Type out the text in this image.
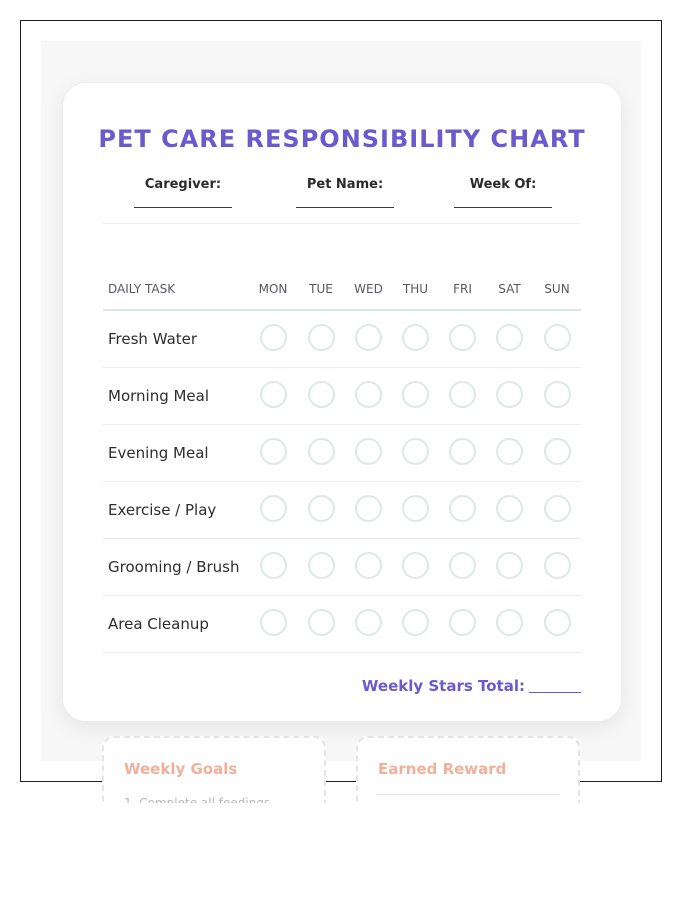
PET CARE RESPONSIBILITY CHART
Caregiver:	Pet Name:	Week Of:
DAILY TASK	MON	TUE	WED	THU	FRI	SAT	SUN
Fresh Water							
Morning Meal							
Evening Meal							
Exercise / Play							
Grooming / Brush							
Area Cleanup							
Weekly Stars Total:
Weekly Goals	Earned Reward
